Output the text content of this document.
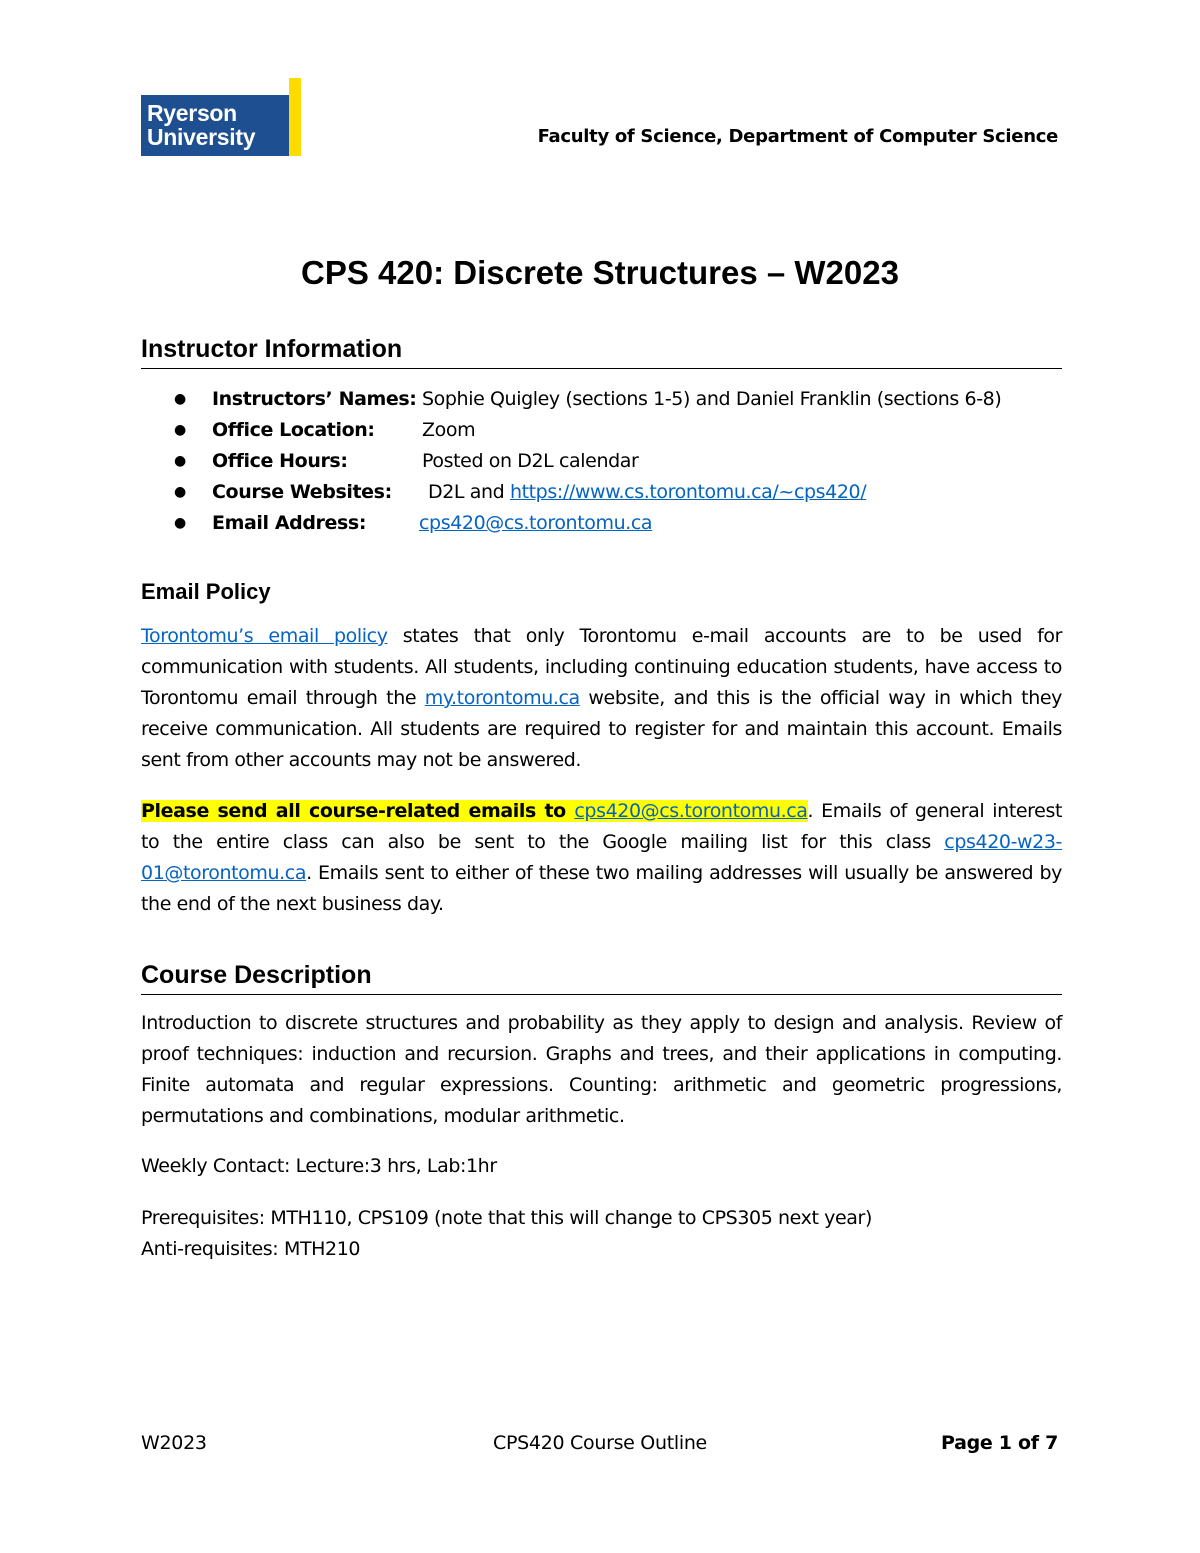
Ryerson
University	Faculty of Science, Department of Computer Science
CPS 420: Discrete Structures – W2023
Instructor Information
● Instructors’ Names: Sophie Quigley (sections 1-5) and Daniel Franklin (sections 6-8)
● Office Location: Zoom
● Office Hours:	Posted on D2L calendar
● Course Websites: D2L and https://www.cs.torontomu.ca/~cps420/
● Email Address:	cps420@cs.torontomu.ca
Email Policy

Torontomu’s email policy states that only Torontomu e-mail accounts are to be used for communication with students. All students, including continuing education students, have access to Torontomu email through the my.torontomu.ca website, and this is the official way in which they receive communication. All students are required to register for and maintain this account. Emails sent from other accounts may not be answered.

Please send all course-related emails to cps420@cs.torontomu.ca. Emails of general interest to the entire class can also be sent to the Google mailing list for this class cps420-w23-01@torontomu.ca. Emails sent to either of these two mailing addresses will usually be answered by the end of the next business day.

Course Description

Introduction to discrete structures and probability as they apply to design and analysis. Review of proof techniques: induction and recursion. Graphs and trees, and their applications in computing. Finite automata and regular expressions. Counting: arithmetic and geometric progressions, permutations and combinations, modular arithmetic.

Weekly Contact: Lecture:3 hrs, Lab:1hr

Prerequisites: MTH110, CPS109 (note that this will change to CPS305 next year)

Anti-requisites: MTH210

W2023	CPS420 Course Outline	Page 1 of 7
